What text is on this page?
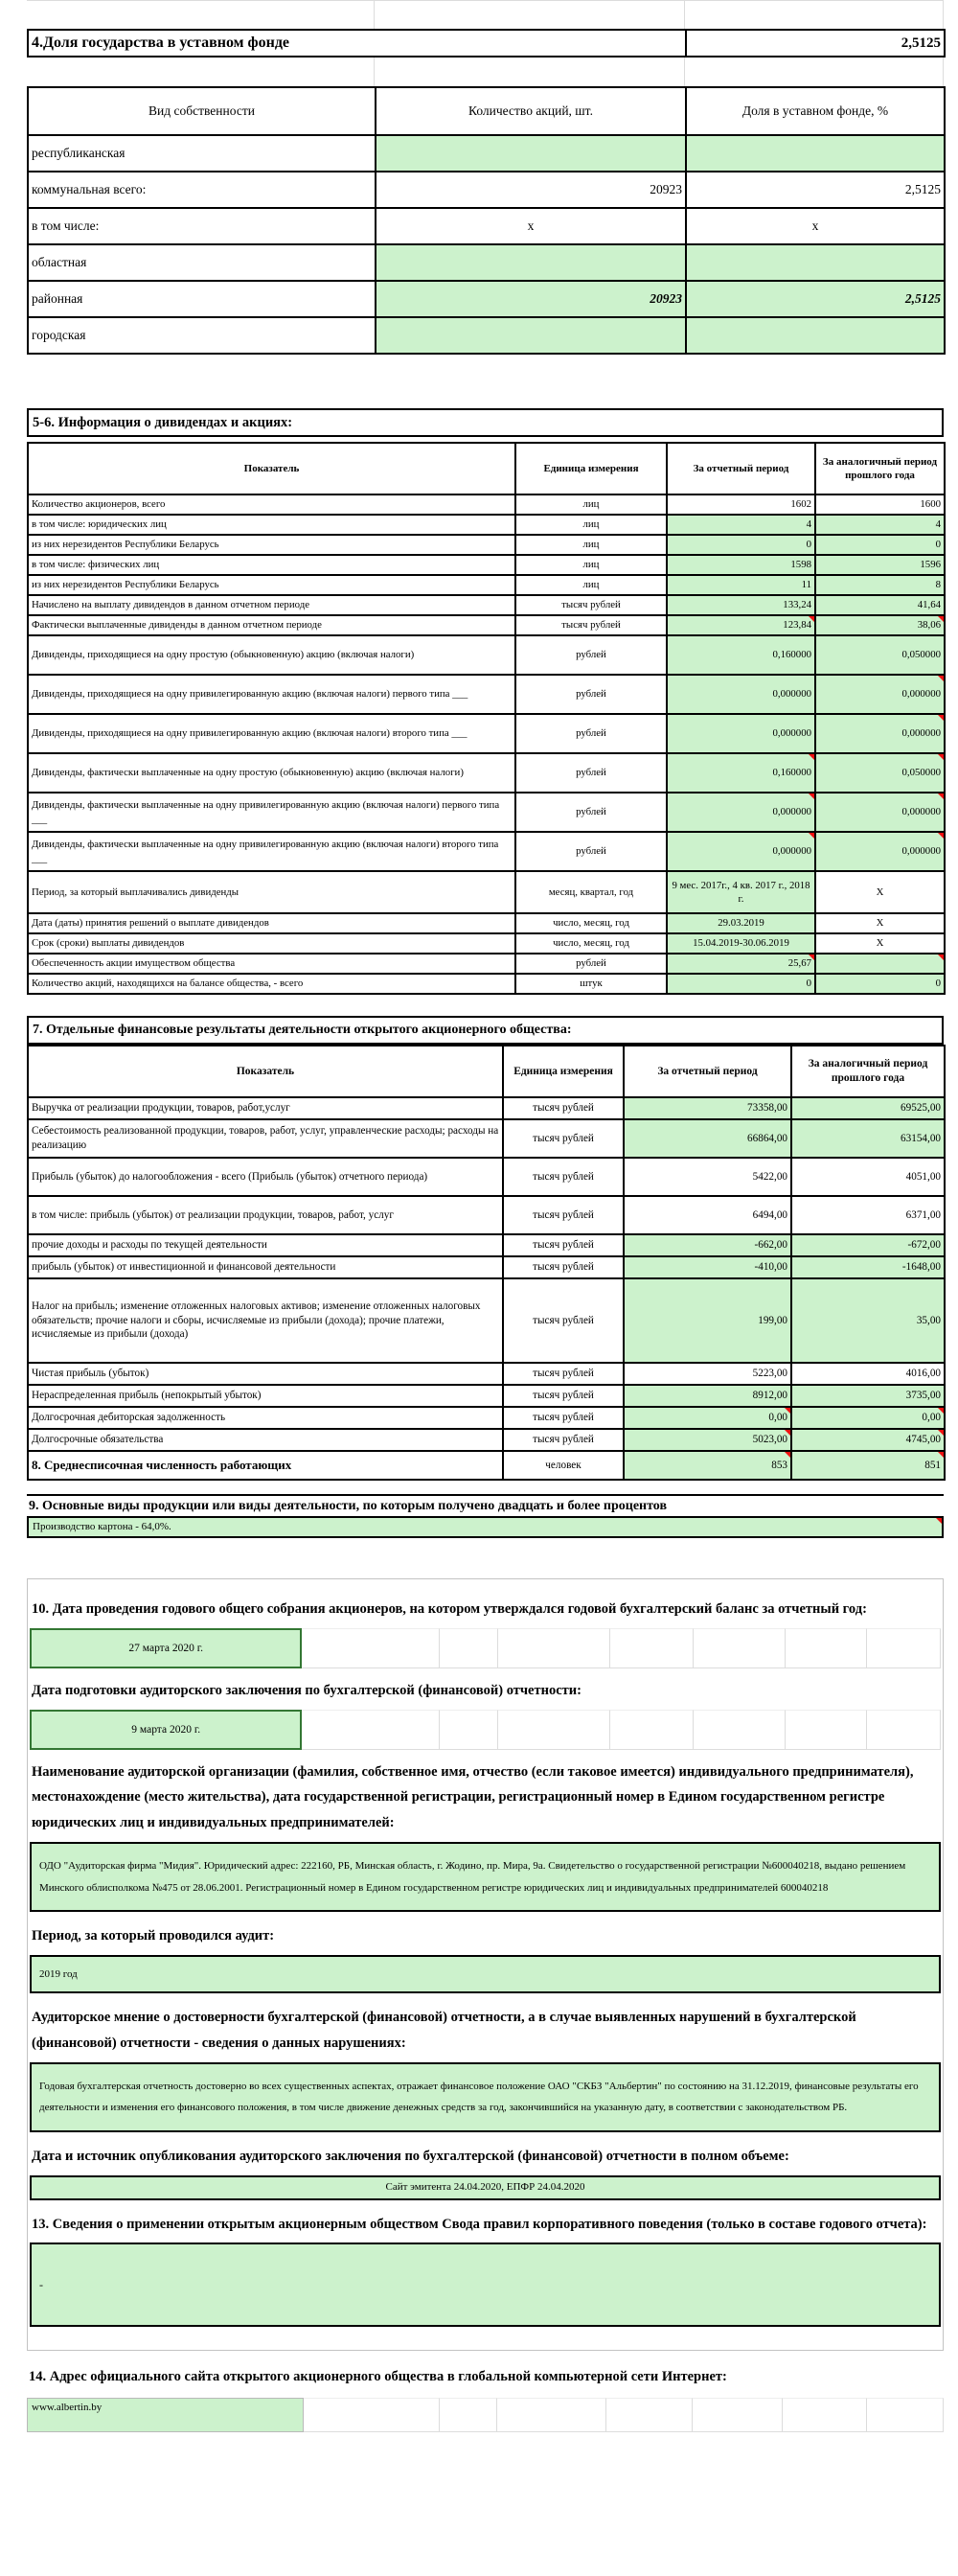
4.Доля государства в уставном фонде	2,5125
Вид собственности	Количество акций, шт.	Доля в уставном фонде, %
республиканская		
коммунальная всего:	20923	2,5125
в том числе:	x	x
областная		
районная	20923	2,5125
городская		
5-6. Информация о дивидендах и акциях:
Показатель	Единица измерения	За отчетный период	За аналогичный период прошлого года
Количество акционеров, всего	лиц	1602	1600
в том числе: юридических лиц	лиц	4	4
из них нерезидентов Республики Беларусь	лиц	0	0
в том числе: физических лиц	лиц	1598	1596
из них нерезидентов Республики Беларусь	лиц	11	8
Начислено на выплату дивидендов в данном отчетном периоде	тысяч рублей	133,24	41,64
Фактически выплаченные дивиденды в данном отчетном периоде	тысяч рублей	123,84	38,06

Дивиденды, приходящиеся на одну простую (обыкновенную) акцию (включая налоги)	рублей	0,160000	0,050000
Дивиденды, приходящиеся на одну привилегированную акцию (включая налоги) первого типа ___	рублей	0,000000	0,000000

Дивиденды, приходящиеся на одну привилегированную акцию (включая налоги) второго типа ___	рублей	0,000000	0,000000

Дивиденды, фактически выплаченные на одну простую (обыкновенную) акцию (включая налоги)	рублей	0,160000	0,050000

Дивиденды, фактически выплаченные на одну привилегированную акцию (включая налоги) первого типа ___	рублей	0,000000	0,000000

Дивиденды, фактически выплаченные на одну привилегированную акцию (включая налоги) второго типа ___	рублей	0,000000	0,000000

Период, за который выплачивались дивиденды	месяц, квартал, год	9 мес. 2017г., 4 кв. 2017 г., 2018 г.	X
Дата (даты) принятия решений о выплате дивидендов	число, месяц, год	29.03.2019	X
Срок (сроки) выплаты дивидендов	число, месяц, год	15.04.2019-30.06.2019	X
Обеспеченность акции имуществом общества	рублей	25,67

Количество акций, находящихся на балансе общества, - всего	штук	0	0
7. Отдельные финансовые результаты деятельности открытого акционерного общества:
Показатель	Единица измерения	За отчетный период	За аналогичный период прошлого года
Выручка от реализации продукции, товаров, работ,услуг	тысяч рублей	73358,00	69525,00
Себестоимость реализованной продукции, товаров, работ, услуг, управленческие расходы; расходы на реализацию	тысяч рублей	66864,00	63154,00
Прибыль (убыток) до налогообложения - всего (Прибыль (убыток) отчетного периода)	тысяч рублей	5422,00	4051,00
в том числе: прибыль (убыток) от реализации продукции, товаров, работ, услуг	тысяч рублей	6494,00	6371,00
прочие доходы и расходы по текущей деятельности	тысяч рублей	-662,00	-672,00
прибыль (убыток) от инвестиционной и финансовой деятельности	тысяч рублей	-410,00	-1648,00
Налог на прибыль; изменение отложенных налоговых активов; изменение отложенных налоговых обязательств; прочие налоги и сборы, исчисляемые из прибыли (дохода); прочие платежи, исчисляемые из прибыли (дохода)	тысяч рублей	199,00	35,00
Чистая прибыль (убыток)	тысяч рублей	5223,00	4016,00
Нераспределенная прибыль (непокрытый убыток)	тысяч рублей	8912,00	3735,00
Долгосрочная дебиторская задолженность	тысяч рублей	0,00	0,00

Долгосрочные обязательства	тысяч рублей	5023,00	4745,00

8. Среднесписочная численность работающих	человек	853	851
9. Основные виды продукции или виды деятельности, по которым получено двадцать и более процентов
Производство картона - 64,0%.
10. Дата проведения годового общего собрания акционеров, на котором утверждался годовой бухгалтерский баланс за отчетный год:
27 марта 2020 г.
Дата подготовки аудиторского заключения по бухгалтерской (финансовой) отчетности:
9 марта 2020 г.
Наименование аудиторской организации (фамилия, собственное имя, отчество (если таковое имеется) индивидуального предпринимателя), местонахождение (место жительства), дата государственной регистрации, регистрационный номер в Едином государственном регистре юридических лиц и индивидуальных предпринимателей:
ОДО "Аудиторская фирма "Мидия". Юридический адрес: 222160, РБ, Минская область, г. Жодино, пр. Мира, 9а. Свидетельство о государственной регистрации №600040218, выдано решением Минского облисполкома №475 от 28.06.2001. Регистрационный номер в Едином государственном регистре юридических лиц и индивидуальных предпринимателей 600040218
Период, за который проводился аудит:
2019 год
Аудиторское мнение о достоверности бухгалтерской (финансовой) отчетности, а в случае выявленных нарушений в бухгалтерской (финансовой) отчетности - сведения о данных нарушениях:
Годовая бухгалтерская отчетность достоверно во всех существенных аспектах, отражает финансовое положение ОАО "СКБЗ "Альбертин" по состоянию на 31.12.2019, финансовые результаты его деятельности и изменения его финансового положения, в том числе движение денежных средств за год, закончившийся на указанную дату, в соответствии с законодательством РБ.
Дата и источник опубликования аудиторского заключения по бухгалтерской (финансовой) отчетности в полном объеме:
Сайт эмитента 24.04.2020, ЕПФР 24.04.2020
13. Сведения о применении открытым акционерным обществом Свода правил корпоративного поведения (только в составе годового отчета):
-
14. Адрес официального сайта открытого акционерного общества в глобальной компьютерной сети Интернет:
www.albertin.by
